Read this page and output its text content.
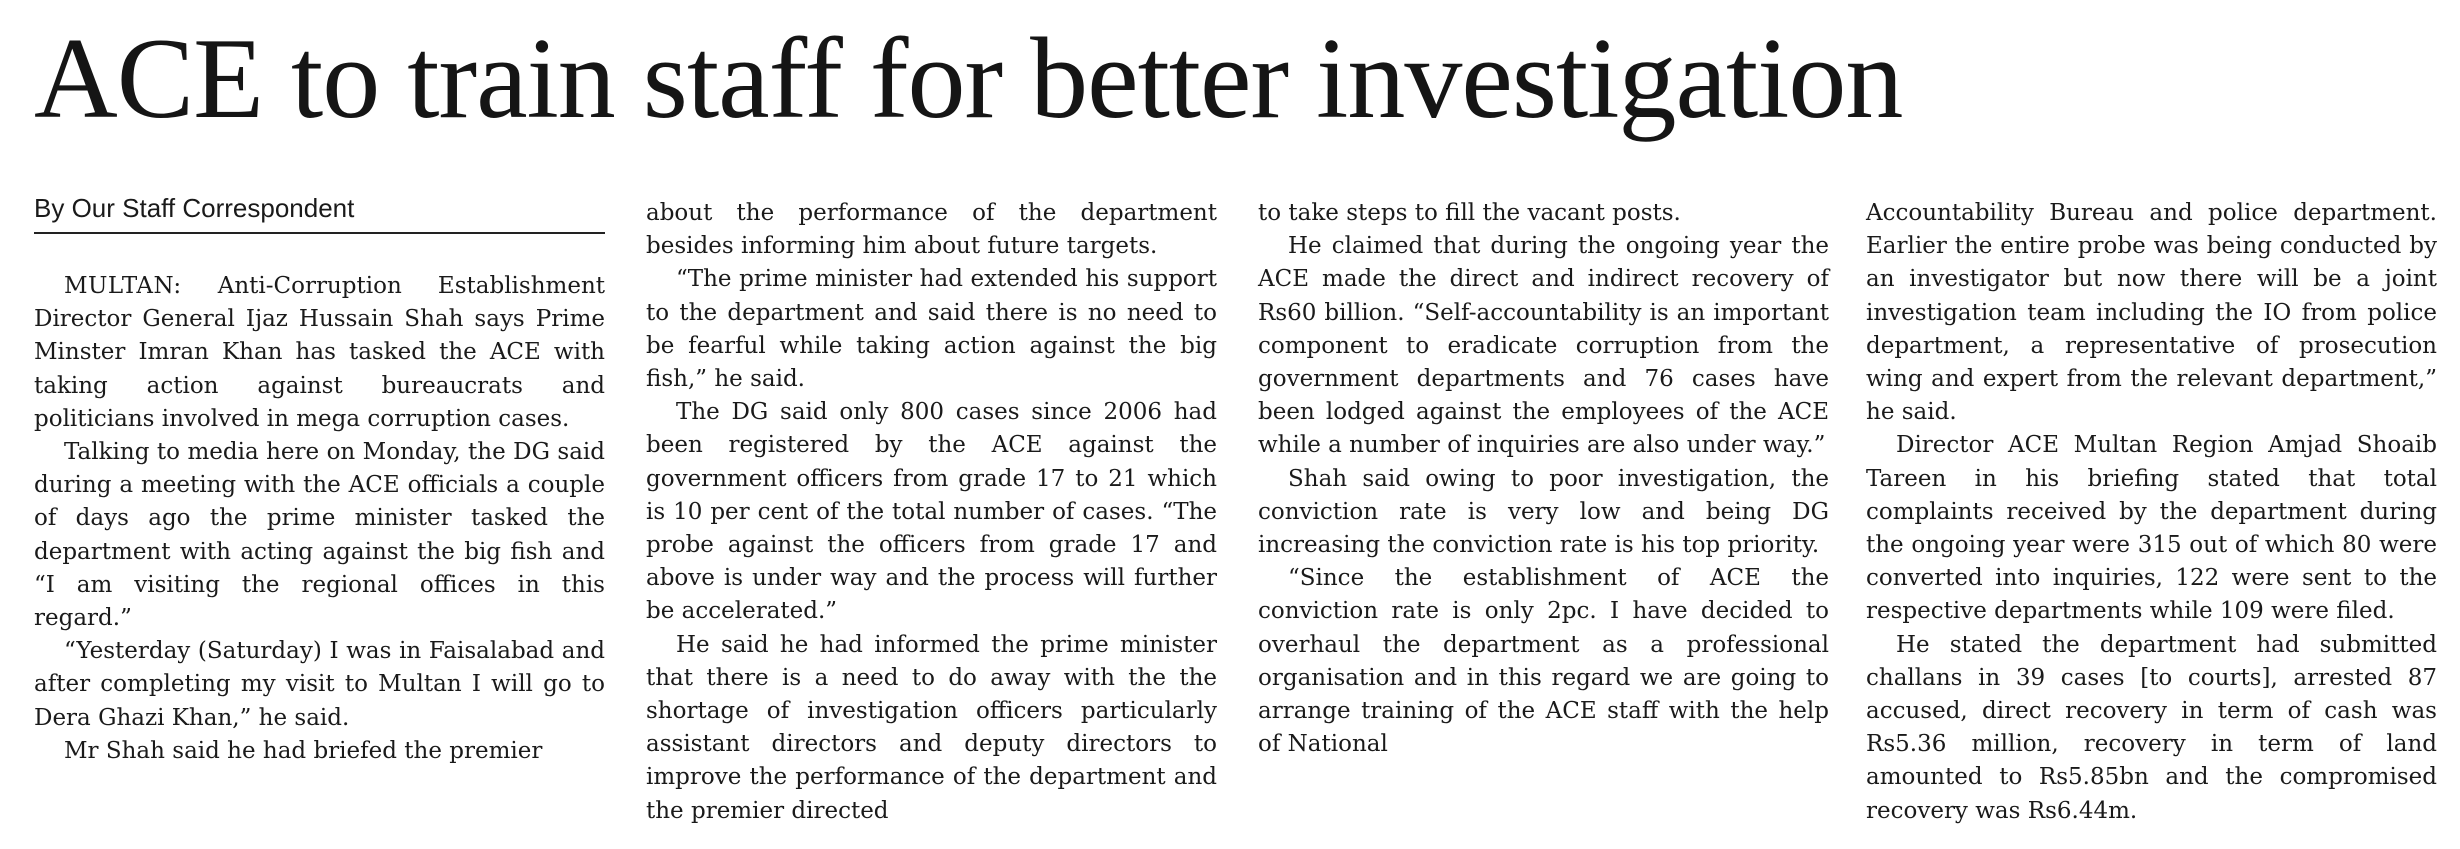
ACE to train staff for better investigation
By Our Staff Correspondent

MULTAN: Anti-Corruption Establishment Director General Ijaz Hussain Shah says Prime Minster Imran Khan has tasked the ACE with taking action against bureaucrats and politicians involved in mega corruption cases.

Talking to media here on Monday, the DG said during a meeting with the ACE officials a couple of days ago the prime minister tasked the department with acting against the big fish and “I am visiting the regional offices in this regard.”

“Yesterday (Saturday) I was in Faisalabad and after completing my visit to Multan I will go to Dera Ghazi Khan,” he said.

Mr Shah said he had briefed the premier

about the performance of the department besides informing him about future targets.

“The prime minister had extended his support to the department and said there is no need to be fearful while taking action against the big fish,” he said.

The DG said only 800 cases since 2006 had been registered by the ACE against the government officers from grade 17 to 21 which is 10 per cent of the total number of cases. “The probe against the officers from grade 17 and above is under way and the process will further be accelerated.”

He said he had informed the prime minister that there is a need to do away with the the shortage of investigation officers particularly assistant directors and deputy directors to improve the performance of the department and the premier directed

to take steps to fill the vacant posts.

He claimed that during the ongoing year the ACE made the direct and indirect recovery of Rs60 billion. “Self-accountability is an important component to eradicate corruption from the government departments and 76 cases have been lodged against the employees of the ACE while a number of inquiries are also under way.”

Shah said owing to poor investigation, the conviction rate is very low and being DG increasing the conviction rate is his top priority.

“Since the establishment of ACE the conviction rate is only 2pc. I have decided to overhaul the department as a professional organisation and in this regard we are going to arrange training of the ACE staff with the help of National

Accountability Bureau and police department. Earlier the entire probe was being conducted by an investigator but now there will be a joint investigation team including the IO from police department, a representative of prosecution wing and expert from the relevant department,” he said.

Director ACE Multan Region Amjad Shoaib Tareen in his briefing stated that total complaints received by the department during the ongoing year were 315 out of which 80 were converted into inquiries, 122 were sent to the respective departments while 109 were filed.

He stated the department had submitted challans in 39 cases [to courts], arrested 87 accused, direct recovery in term of cash was Rs5.36 million, recovery in term of land amounted to Rs5.85bn and the compromised recovery was Rs6.44m.
